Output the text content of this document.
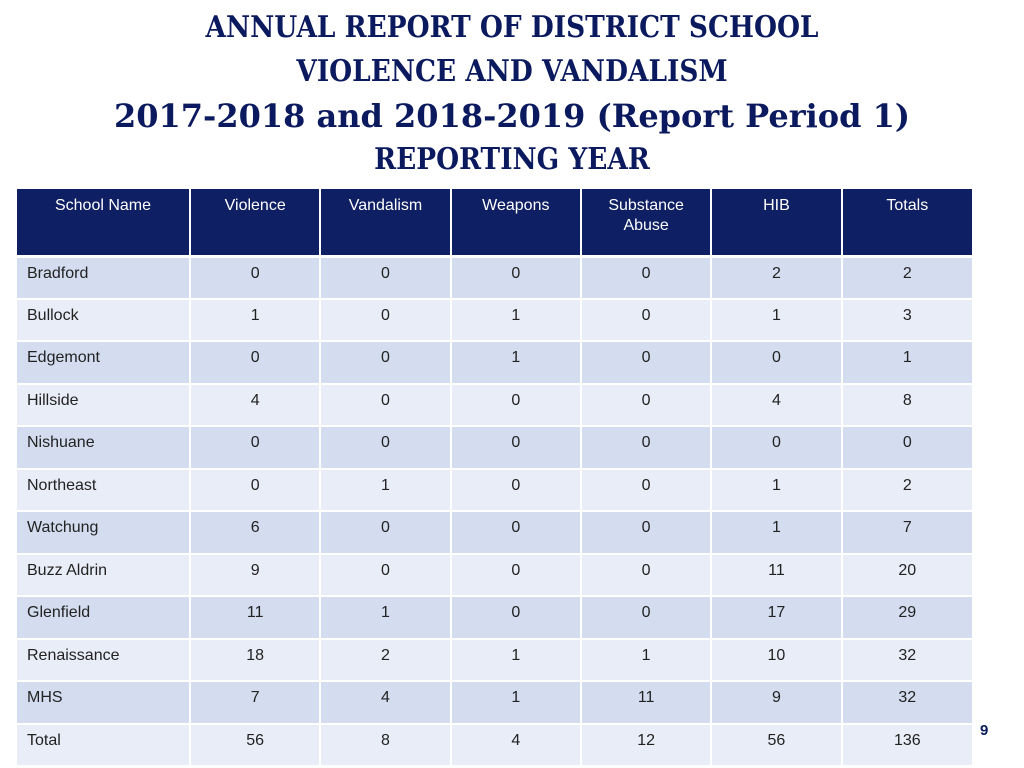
ANNUAL REPORT OF DISTRICT SCHOOL
VIOLENCE AND VANDALISM
2017-2018 and 2018-2019 (Report Period 1)
REPORTING YEAR
School Name	Violence	Vandalism	Weapons	Substance Abuse	HIB	Totals
Bradford	0	0	0	0	2	2
Bullock	1	0	1	0	1	3
Edgemont	0	0	1	0	0	1
Hillside	4	0	0	0	4	8
Nishuane	0	0	0	0	0	0
Northeast	0	1	0	0	1	2
Watchung	6	0	0	0	1	7
Buzz Aldrin	9	0	0	0	11	20
Glenfield	11	1	0	0	17	29
Renaissance	18	2	1	1	10	32
MHS	7	4	1	11	9	32
Total	56	8	4	12	56	136
9
